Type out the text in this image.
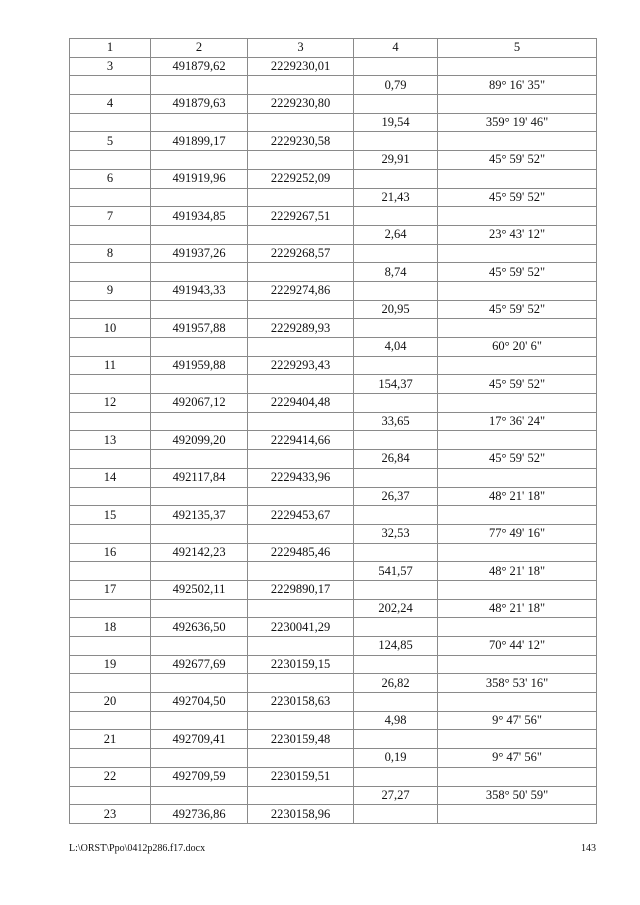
1	2	3	4	5
3	491879,62	2229230,01		
			0,79	89° 16' 35"
4	491879,63	2229230,80		
			19,54	359° 19' 46"
5	491899,17	2229230,58		
			29,91	45° 59' 52"
6	491919,96	2229252,09		
			21,43	45° 59' 52"
7	491934,85	2229267,51		
			2,64	23° 43' 12"
8	491937,26	2229268,57		
			8,74	45° 59' 52"
9	491943,33	2229274,86		
			20,95	45° 59' 52"
10	491957,88	2229289,93		
			4,04	60° 20' 6"
11	491959,88	2229293,43		
			154,37	45° 59' 52"
12	492067,12	2229404,48		
			33,65	17° 36' 24"
13	492099,20	2229414,66		
			26,84	45° 59' 52"
14	492117,84	2229433,96		
			26,37	48° 21' 18"
15	492135,37	2229453,67		
			32,53	77° 49' 16"
16	492142,23	2229485,46		
			541,57	48° 21' 18"
17	492502,11	2229890,17		
			202,24	48° 21' 18"
18	492636,50	2230041,29		
			124,85	70° 44' 12"
19	492677,69	2230159,15		
			26,82	358° 53' 16"
20	492704,50	2230158,63		
			4,98	9° 47' 56"
21	492709,41	2230159,48		
			0,19	9° 47' 56"
22	492709,59	2230159,51		
			27,27	358° 50' 59"
23	492736,86	2230158,96		
L:\ORST\Ppo\0412p286.f17.docx	143
